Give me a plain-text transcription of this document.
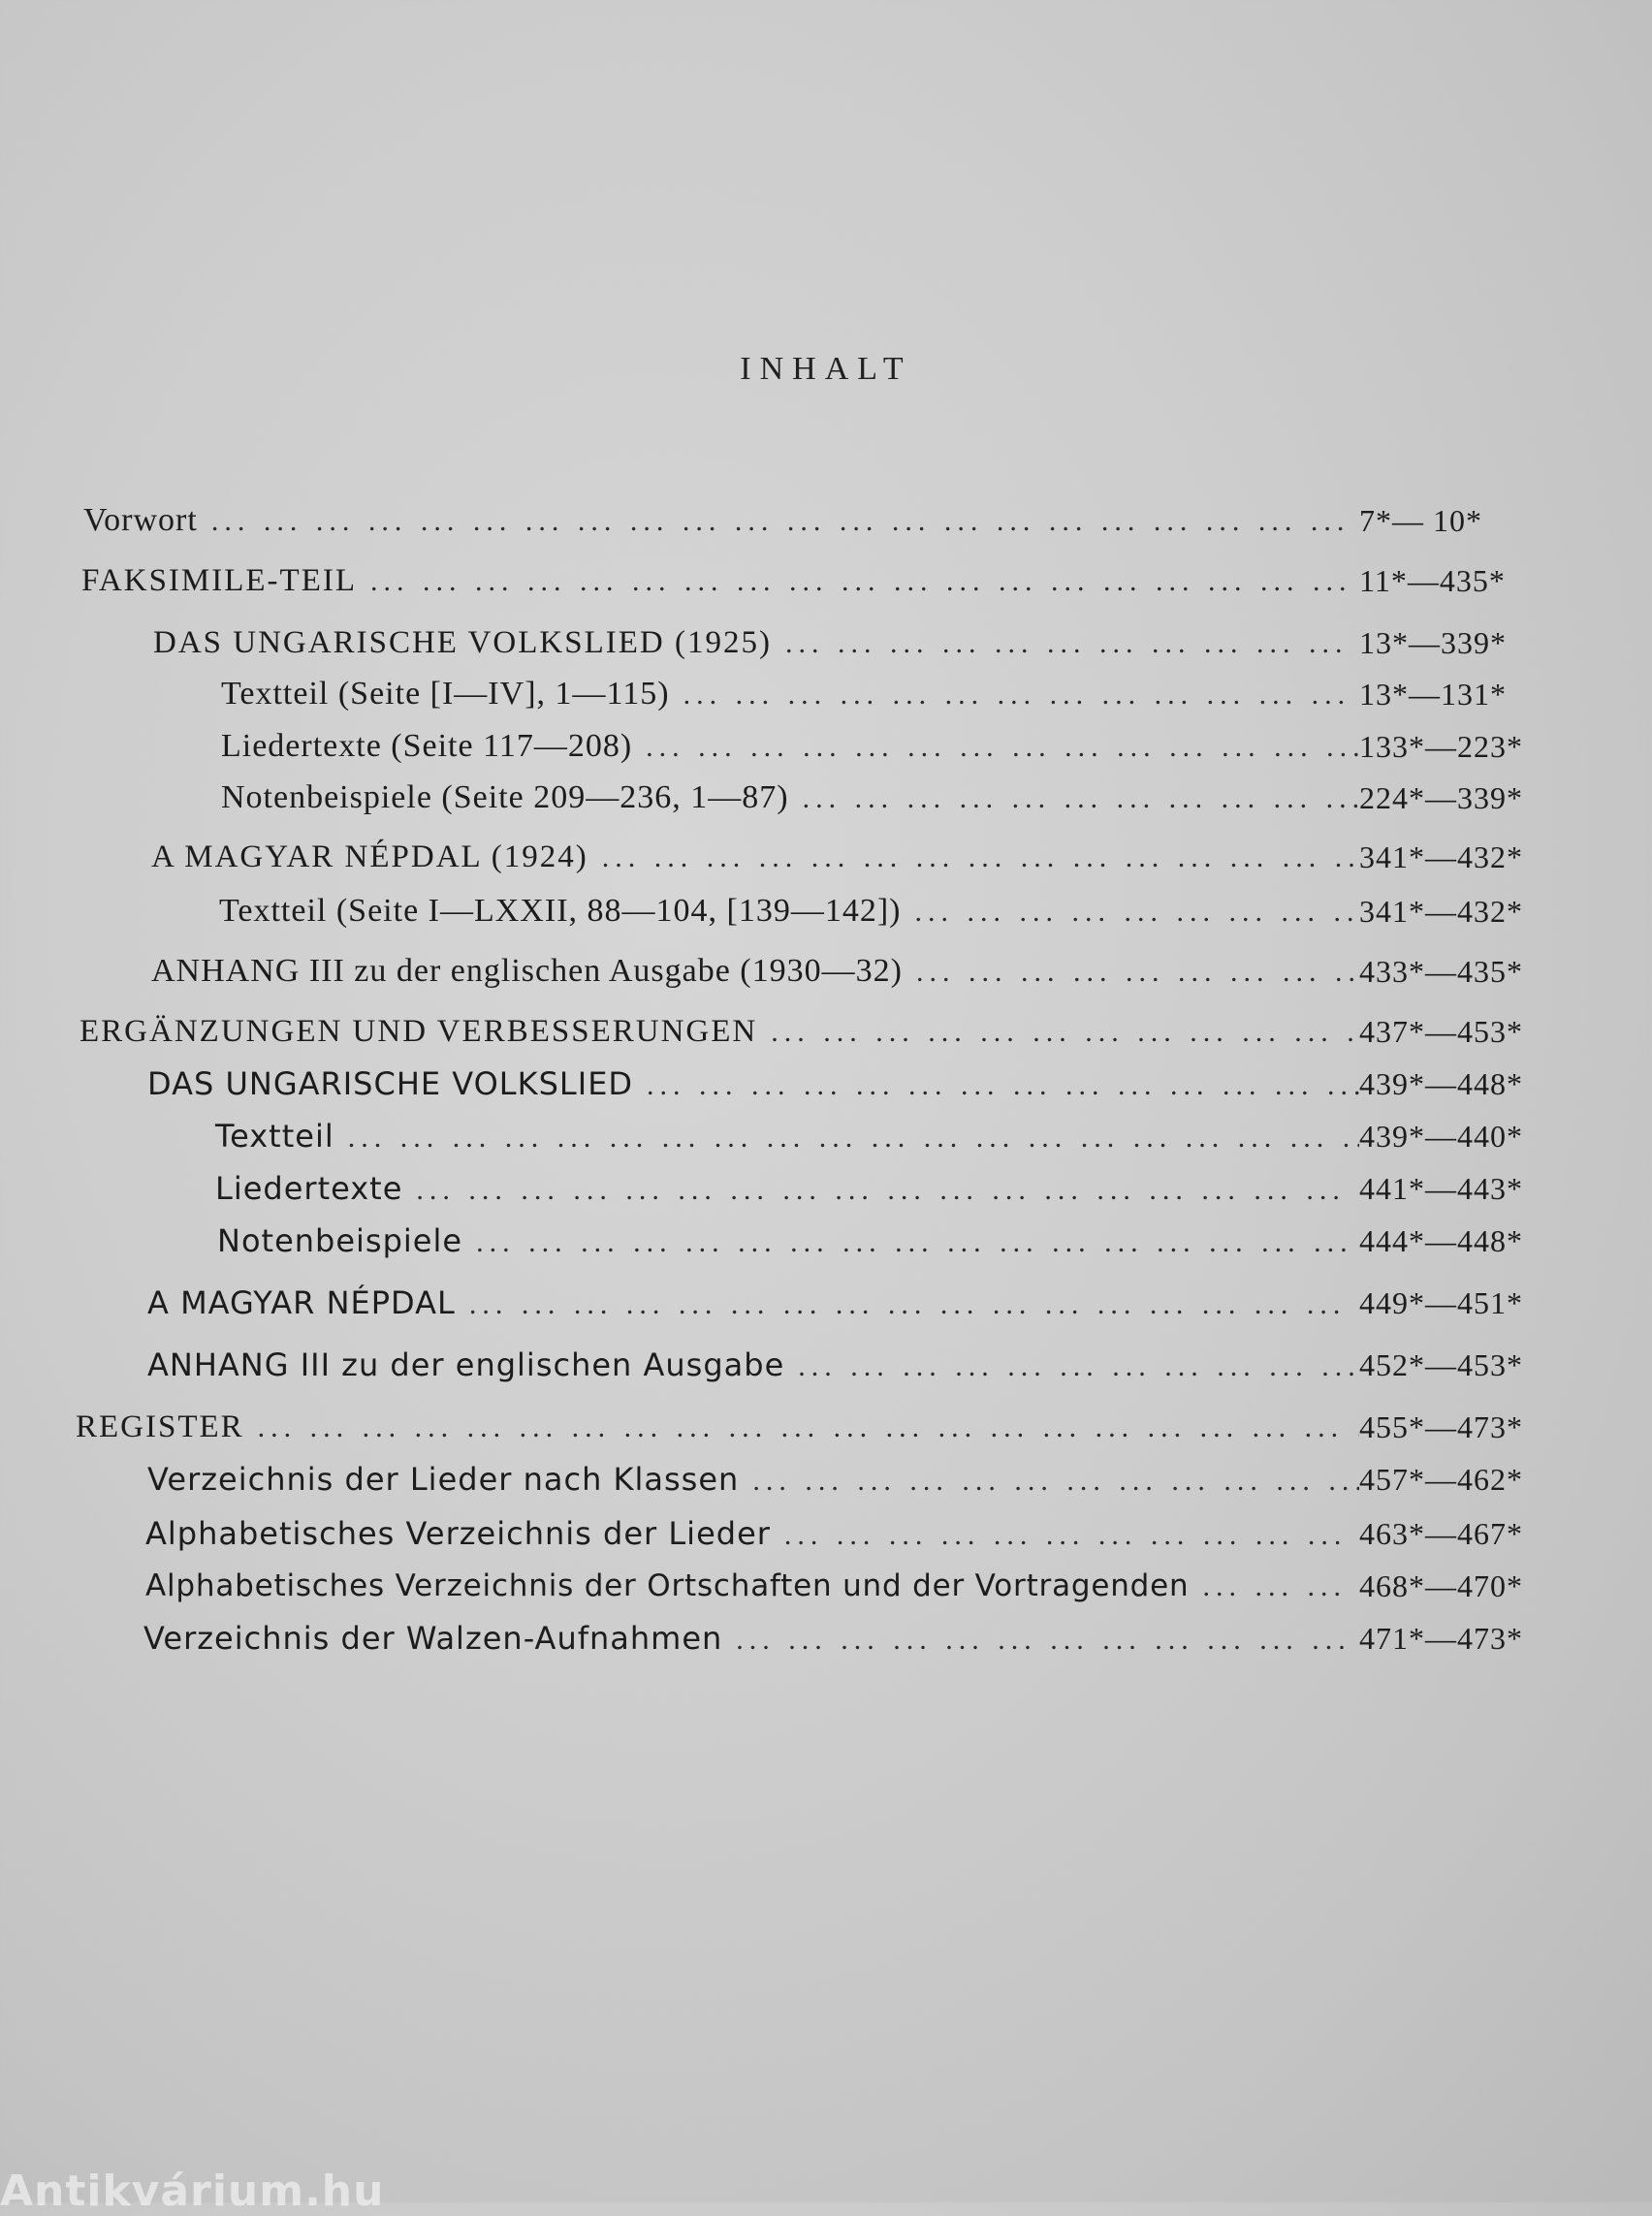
INHALT
Vorwort ... .	7*— 10*
FAKSIMILE-TEIL ... .	11*—435*
DAS UNGARISCHE VOLKSLIED (1925) ... .	13*—339*
Textteil (Seite [I—IV], 1—115) ... .	13*—131*
Liedertexte (Seite 117—208) ... .	133*—223*
Notenbeispiele (Seite 209—236, 1—87) ... .	224*—339*
A MAGYAR NÉPDAL (1924) ... .	341*—432*
Textteil (Seite I—LXXII, 88—104, [139—142]) ... .	341*—432*
ANHANG III zu der englischen Ausgabe (1930—32) ... .	433*—435*
ERGÄNZUNGEN UND VERBESSERUNGEN ... .	437*—453*
DAS UNGARISCHE VOLKSLIED ... .	439*—448*
Textteil ... .	439*—440*
Liedertexte ... .	441*—443*
Notenbeispiele ... .	444*—448*
A MAGYAR NÉPDAL ... .	449*—451*
ANHANG III zu der englischen Ausgabe ... .	452*—453*
REGISTER ... .	455*—473*
Verzeichnis der Lieder nach Klassen ... .	457*—462*
Alphabetisches Verzeichnis der Lieder ... .	463*—467*
Alphabetisches Verzeichnis der Ortschaften und der Vortragenden ... .	468*—470*
Verzeichnis der Walzen-Aufnahmen ... .	471*—473*
Antikvárium.hu
